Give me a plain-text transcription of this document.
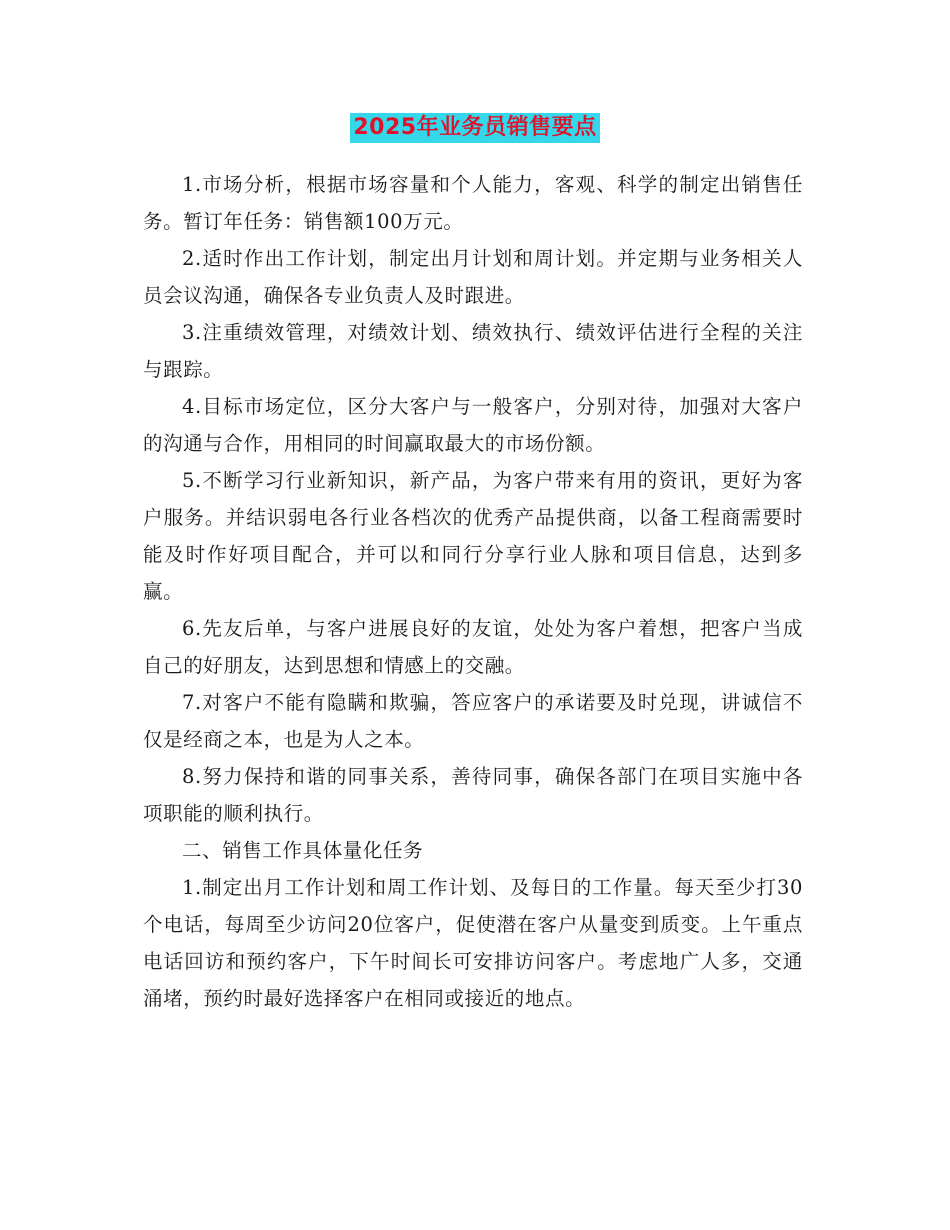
2025年业务员销售要点

1.市场分析，根据市场容量和个人能力，客观、科学的制定出销售任务。暂订年任务：销售额100万元。

2.适时作出工作计划，制定出月计划和周计划。并定期与业务相关人员会议沟通，确保各专业负责人及时跟进。

3.注重绩效管理，对绩效计划、绩效执行、绩效评估进行全程的关注与跟踪。

4.目标市场定位，区分大客户与一般客户，分别对待，加强对大客户的沟通与合作，用相同的时间赢取最大的市场份额。

5.不断学习行业新知识，新产品，为客户带来有用的资讯，更好为客户服务。并结识弱电各行业各档次的优秀产品提供商，以备工程商需要时能及时作好项目配合，并可以和同行分享行业人脉和项目信息，达到多赢。

6.先友后单，与客户进展良好的友谊，处处为客户着想，把客户当成自己的好朋友，达到思想和情感上的交融。

7.对客户不能有隐瞒和欺骗，答应客户的承诺要及时兑现，讲诚信不仅是经商之本，也是为人之本。

8.努力保持和谐的同事关系，善待同事，确保各部门在项目实施中各项职能的顺利执行。

二、销售工作具体量化任务

1.制定出月工作计划和周工作计划、及每日的工作量。每天至少打30个电话，每周至少访问20位客户，促使潜在客户从量变到质变。上午重点电话回访和预约客户，下午时间长可安排访问客户。考虑地广人多，交通涌堵，预约时最好选择客户在相同或接近的地点。
